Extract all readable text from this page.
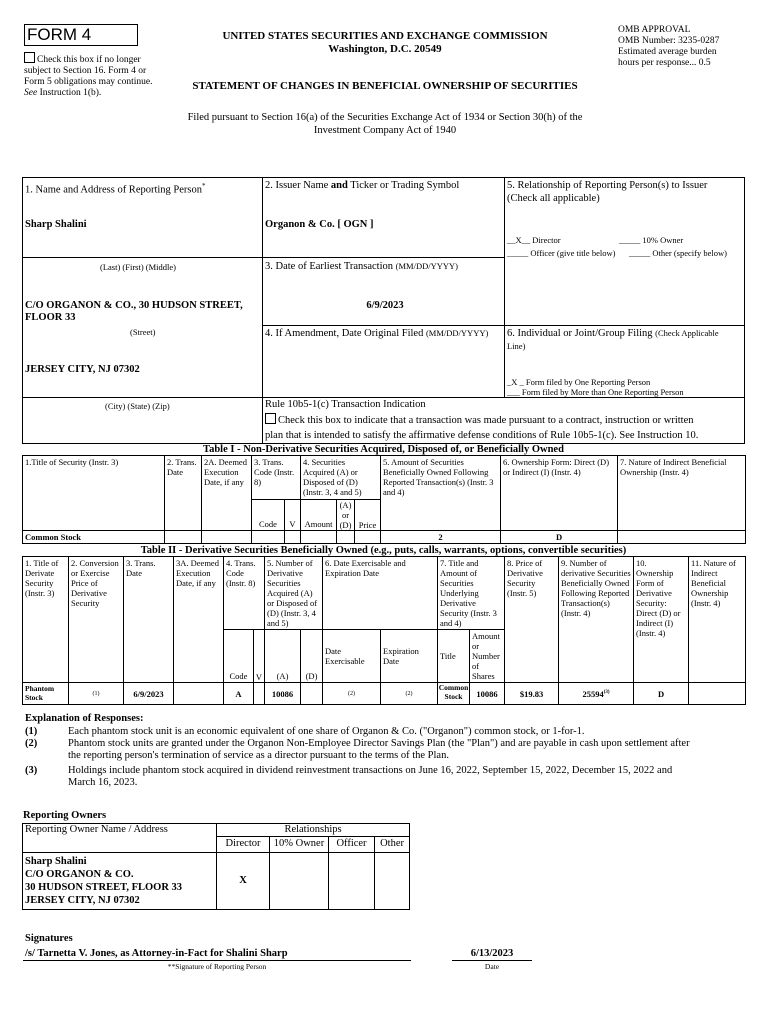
FORM 4
Check this box if no longer subject to Section 16. Form 4 or Form 5 obligations may continue. See Instruction 1(b).
UNITED STATES SECURITIES AND EXCHANGE COMMISSION
Washington, D.C. 20549
STATEMENT OF CHANGES IN BENEFICIAL OWNERSHIP OF SECURITIES
OMB APPROVAL
OMB Number: 3235-0287
Estimated average burden
hours per response... 0.5
Filed pursuant to Section 16(a) of the Securities Exchange Act of 1934 or Section 30(h) of the
Investment Company Act of 1940
1. Name and Address of Reporting Person*
Sharp Shalini
(Last) (First) (Middle)
C/O ORGANON & CO., 30 HUDSON STREET,
FLOOR 33
(Street)
JERSEY CITY, NJ 07302
(City) (State) (Zip)
2. Issuer Name and Ticker or Trading Symbol
Organon & Co. [ OGN ]
3. Date of Earliest Transaction (MM/DD/YYYY)
6/9/2023
4. If Amendment, Date Original Filed (MM/DD/YYYY)
5. Relationship of Reporting Person(s) to Issuer
(Check all applicable)
__X__ Director	_____ 10% Owner
_____ Officer (give title below) _____ Other (specify below)
6. Individual or Joint/Group Filing (Check Applicable
Line)
_X _ Form filed by One Reporting Person
___ Form filed by More than One Reporting Person
Rule 10b5-1(c) Transaction Indication
Check this box to indicate that a transaction was made pursuant to a contract, instruction or written
plan that is intended to satisfy the affirmative defense conditions of Rule 10b5-1(c). See Instruction 10.
Table I - Non-Derivative Securities Acquired, Disposed of, or Beneficially Owned
1.Title of Security (Instr. 3)	2. Trans. Date	2A. Deemed Execution Date, if any	3. Trans. Code (Instr. 8)		4. Securities Acquired (A) or Disposed of (D) (Instr. 3, 4 and 5)			5. Amount of Securities Beneficially Owned Following Reported Transaction(s) (Instr. 3 and 4)	6. Ownership Form: Direct (D) or Indirect (I) (Instr. 4)	7. Nature of Indirect Beneficial Ownership (Instr. 4)
			Code	V	Amount	(A) or (D)	Price			
Common Stock								2	D	
Table II - Derivative Securities Beneficially Owned (e.g., puts, calls, warrants, options, convertible securities)
1. Title of Derivate Security (Instr. 3)	2. Conversion or Exercise Price of Derivative Security	3. Trans. Date	3A. Deemed Execution Date, if any	4. Trans. Code (Instr. 8)		5. Number of Derivative Securities Acquired (A) or Disposed of (D) (Instr. 3, 4 and 5)		6. Date Exercisable and Expiration Date		7. Title and Amount of Securities Underlying Derivative Security (Instr. 3 and 4)		8. Price of Derivative Security (Instr. 5)	9. Number of derivative Securities Beneficially Owned Following Reported Transaction(s) (Instr. 4)	10. Ownership Form of Derivative Security: Direct (D) or Indirect (I) (Instr. 4)	11. Nature of Indirect Beneficial Ownership (Instr. 4)
				Code	V	(A)	(D)	Date Exercisable	Expiration Date	Title	Amount or Number of Shares				
Phantom Stock	(1)	6/9/2023		A		10086		(2)	(2)	Common Stock	10086	$19.83	25594$^{(3)}$	D	
Explanation of Responses:
(1)	Each phantom stock unit is an economic equivalent of one share of Organon & Co. ("Organon") common stock, or 1-for-1.
(2)	Phantom stock units are granted under the Organon Non-Employee Director Savings Plan (the "Plan") and are payable in cash upon settlement after
the reporting person's termination of service as a director pursuant to the terms of the Plan.
(3)	Holdings include phantom stock acquired in dividend reinvestment transactions on June 16, 2022, September 15, 2022, December 15, 2022 and
March 16, 2023.
Reporting Owners
Reporting Owner Name / Address	Relationships			
	Director	10% Owner	Officer	Other

Sharp Shalini
C/O ORGANON & CO.
30 HUDSON STREET, FLOOR 33
JERSEY CITY, NJ 07302	X			
Signatures
/s/ Tarnetta V. Jones, as Attorney-in-Fact for Shalini Sharp
**Signature of Reporting Person
6/13/2023
Date
